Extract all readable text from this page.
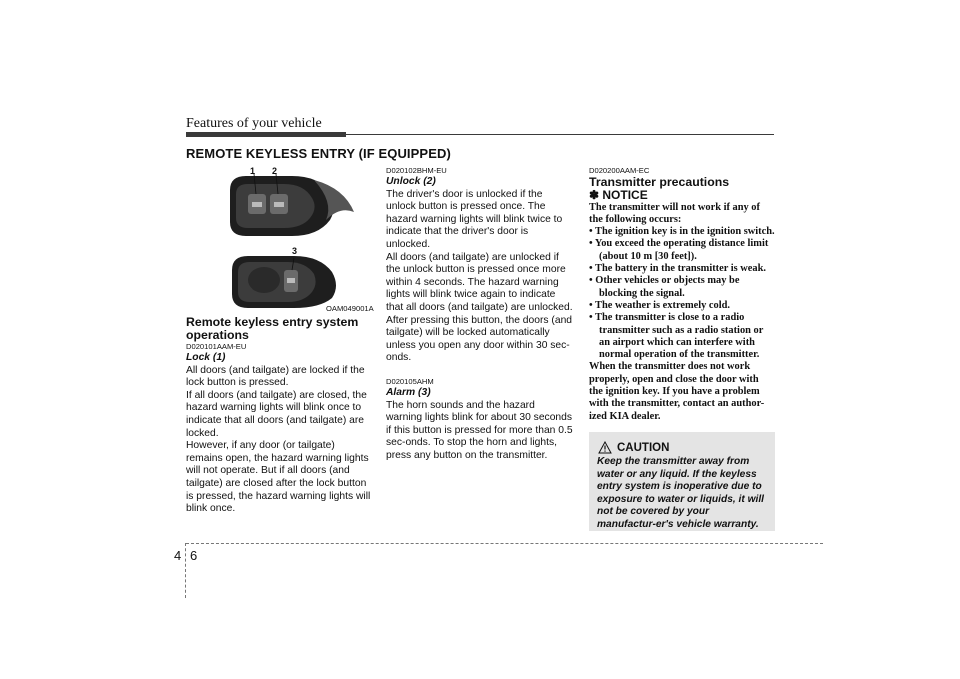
Features of your vehicle
REMOTE KEYLESS ENTRY (IF EQUIPPED)
1 2
3
OAM049001A

Remote keyless entry system operations

D020101AAM-EU

Lock (1)

All doors (and tailgate) are locked if the lock button is pressed.

If all doors (and tailgate) are closed, the hazard warning lights will blink once to indicate that all doors (and tailgate) are locked.

However, if any door (or tailgate) remains open, the hazard warning lights will not operate. But if all doors (and tailgate) are closed after the lock button is pressed, the hazard warning lights will blink once.

D020102BHM-EU

Unlock (2)

The driver's door is unlocked if the unlock button is pressed once. The hazard warning lights will blink twice to indicate that the driver's door is unlocked.

All doors (and tailgate) are unlocked if the unlock button is pressed once more within 4 seconds. The hazard warning lights will blink twice again to indicate that all doors (and tailgate) are unlocked.

After pressing this button, the doors (and tailgate) will be locked automatically unless you open any door within 30 sec-onds.

D020105AHM

Alarm (3)

The horn sounds and the hazard warning lights blink for about 30 seconds if this button is pressed for more than 0.5 sec-onds. To stop the horn and lights, press any button on the transmitter.

D020200AAM-EC

Transmitter precautions

✽ NOTICE

The transmitter will not work if any of the following occurs:

• The ignition key is in the ignition switch.
• You exceed the operating distance limit (about 10 m [30 feet]).
• The battery in the transmitter is weak.
• Other vehicles or objects may be blocking the signal.
• The weather is extremely cold.
• The transmitter is close to a radio transmitter such as a radio station or an airport which can interfere with normal operation of the transmitter.

When the transmitter does not work properly, open and close the door with the ignition key. If you have a problem with the transmitter, contact an author-ized KIA dealer.

CAUTION
Keep the transmitter away from water or any liquid. If the keyless entry system is inoperative due to exposure to water or liquids, it will not be covered by your manufactur-er's vehicle warranty.
4 6
